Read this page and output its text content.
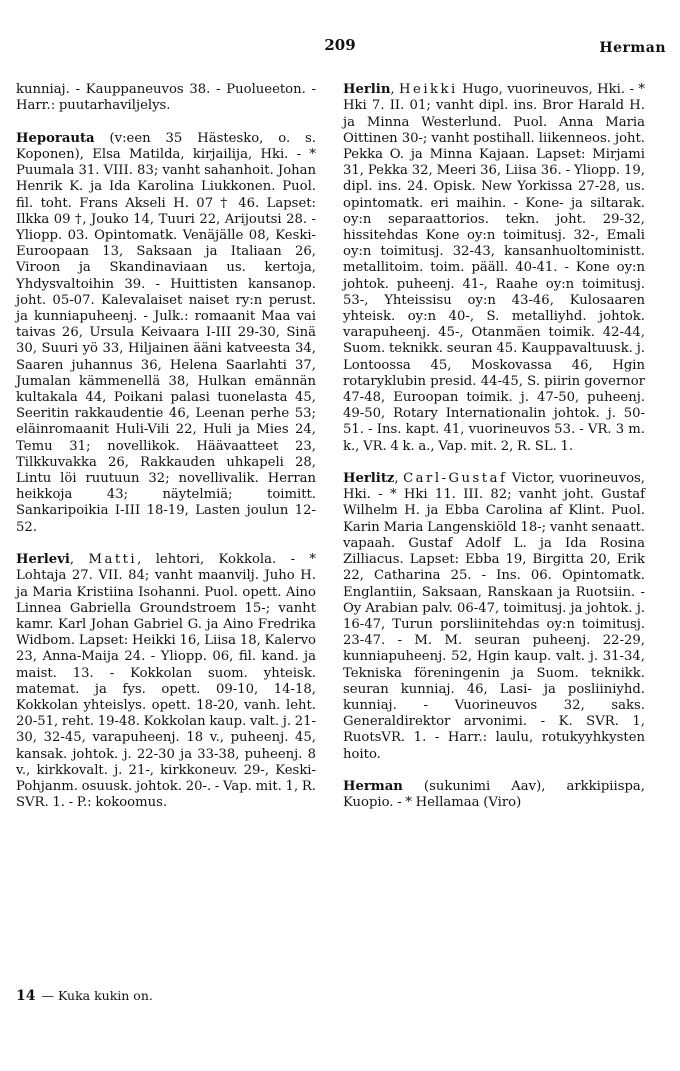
209	Herman

kunniaj. - Kauppaneuvos 38. - Puolueeton. - Harr.: puutarhaviljelys.

Heporauta (v:een 35 Hästesko, o. s. Koponen), Elsa Matilda, kirjailija, Hki. - * Puumala 31. VIII. 83; vanht sahanhoit. Johan Henrik K. ja Ida Karolina Liukkonen. Puol. fil. toht. Frans Akseli H. 07 † 46. Lapset: Ilkka 09 †, Jouko 14, Tuuri 22, Arijoutsi 28. - Yliopp. 03. Opintomatk. Venäjälle 08, Keski-Euroopaan 13, Saksaan ja Italiaan 26, Viroon ja Skandinaviaan us. kertoja, Yhdysvaltoihin 39. - Huittisten kansanop. joht. 05-07. Kalevalaiset naiset ry:n perust. ja kunniapuheenj. - Julk.: romaanit Maa vai taivas 26, Ursula Keivaara I-III 29-30, Sinä 30, Suuri yö 33, Hiljainen ääni katveesta 34, Saaren juhannus 36, Helena Saarlahti 37, Jumalan kämmenellä 38, Hulkan emännän kultakala 44, Poikani palasi tuonelasta 45, Seeritin rakkaudentie 46, Leenan perhe 53; eläinromaanit Huli-Vili 22, Huli ja Mies 24, Temu 31; novellikok. Häävaatteet 23, Tilkkuvakka 26, Rakkauden uhkapeli 28, Lintu löi ruutuun 32; novellivalik. Herran heikkoja 43; näytelmiä; toimitt. Sankaripoikia I-III 18-19, Lasten joulun 12-52.

Herlevi, Matti, lehtori, Kokkola. - * Lohtaja 27. VII. 84; vanht maanvilj. Juho H. ja Maria Kristiina Isohanni. Puol. opett. Aino Linnea Gabriella Groundstroem 15-; vanht kamr. Karl Johan Gabriel G. ja Aino Fredrika Widbom. Lapset: Heikki 16, Liisa 18, Kalervo 23, Anna-Maija 24. - Yliopp. 06, fil. kand. ja maist. 13. - Kokkolan suom. yhteisk. matemat. ja fys. opett. 09-10, 14-18, Kokkolan yhteislys. opett. 18-20, vanh. leht. 20-51, reht. 19-48. Kokkolan kaup. valt. j. 21-30, 32-45, varapuheenj. 18 v., puheenj. 45, kansak. johtok. j. 22-30 ja 33-38, puheenj. 8 v., kirkkovalt. j. 21-, kirkkoneuv. 29-, Keski-Pohjanm. osuusk. johtok. 20-. - Vap. mit. 1, R. SVR. 1. - P.: kokoomus.

Herlin, Heikki Hugo, vuorineuvos, Hki. - * Hki 7. II. 01; vanht dipl. ins. Bror Harald H. ja Minna Westerlund. Puol. Anna Maria Oittinen 30-; vanht postihall. liikenneos. joht. Pekka O. ja Minna Kajaan. Lapset: Mirjami 31, Pekka 32, Meeri 36, Liisa 36. - Yliopp. 19, dipl. ins. 24. Opisk. New Yorkissa 27-28, us. opintomatk. eri maihin. - Kone- ja siltarak. oy:n separaattorios. tekn. joht. 29-32, hissitehdas Kone oy:n toimitusj. 32-, Emali oy:n toimitusj. 32-43, kansanhuoltoministt. metallitoim. toim. pääll. 40-41. - Kone oy:n johtok. puheenj. 41-, Raahe oy:n toimitusj. 53-, Yhteissisu oy:n 43-46, Kulosaaren yhteisk. oy:n 40-, S. metalliyhd. johtok. varapuheenj. 45-, Otanmäen toimik. 42-44, Suom. teknikk. seuran 45. Kauppavaltuusk. j. Lontoossa 45, Moskovassa 46, Hgin rotaryklubin presid. 44-45, S. piirin governor 47-48, Euroopan toimik. j. 47-50, puheenj. 49-50, Rotary Internationalin johtok. j. 50-51. - Ins. kapt. 41, vuorineuvos 53. - VR. 3 m. k., VR. 4 k. a., Vap. mit. 2, R. SL. 1.

Herlitz, Carl-Gustaf Victor, vuorineuvos, Hki. - * Hki 11. III. 82; vanht joht. Gustaf Wilhelm H. ja Ebba Carolina af Klint. Puol. Karin Maria Langenskiöld 18-; vanht senaatt. vapaah. Gustaf Adolf L. ja Ida Rosina Zilliacus. Lapset: Ebba 19, Birgitta 20, Erik 22, Catharina 25. - Ins. 06. Opintomatk. Englantiin, Saksaan, Ranskaan ja Ruotsiin. - Oy Arabian palv. 06-47, toimitusj. ja johtok. j. 16-47, Turun porsliinitehdas oy:n toimitusj. 23-47. - M. M. seuran puheenj. 22-29, kunniapuheenj. 52, Hgin kaup. valt. j. 31-34, Tekniska föreningenin ja Suom. teknikk. seuran kunniaj. 46, Lasi- ja posliiniyhd. kunniaj. - Vuorineuvos 32, saks. Generaldirektor arvonimi. - K. SVR. 1, RuotsVR. 1. - Harr.: laulu, rotukyyhkysten hoito.

Herman (sukunimi Aav), arkkipiispa, Kuopio. - * Hellamaa (Viro)

14 — Kuka kukin on.
